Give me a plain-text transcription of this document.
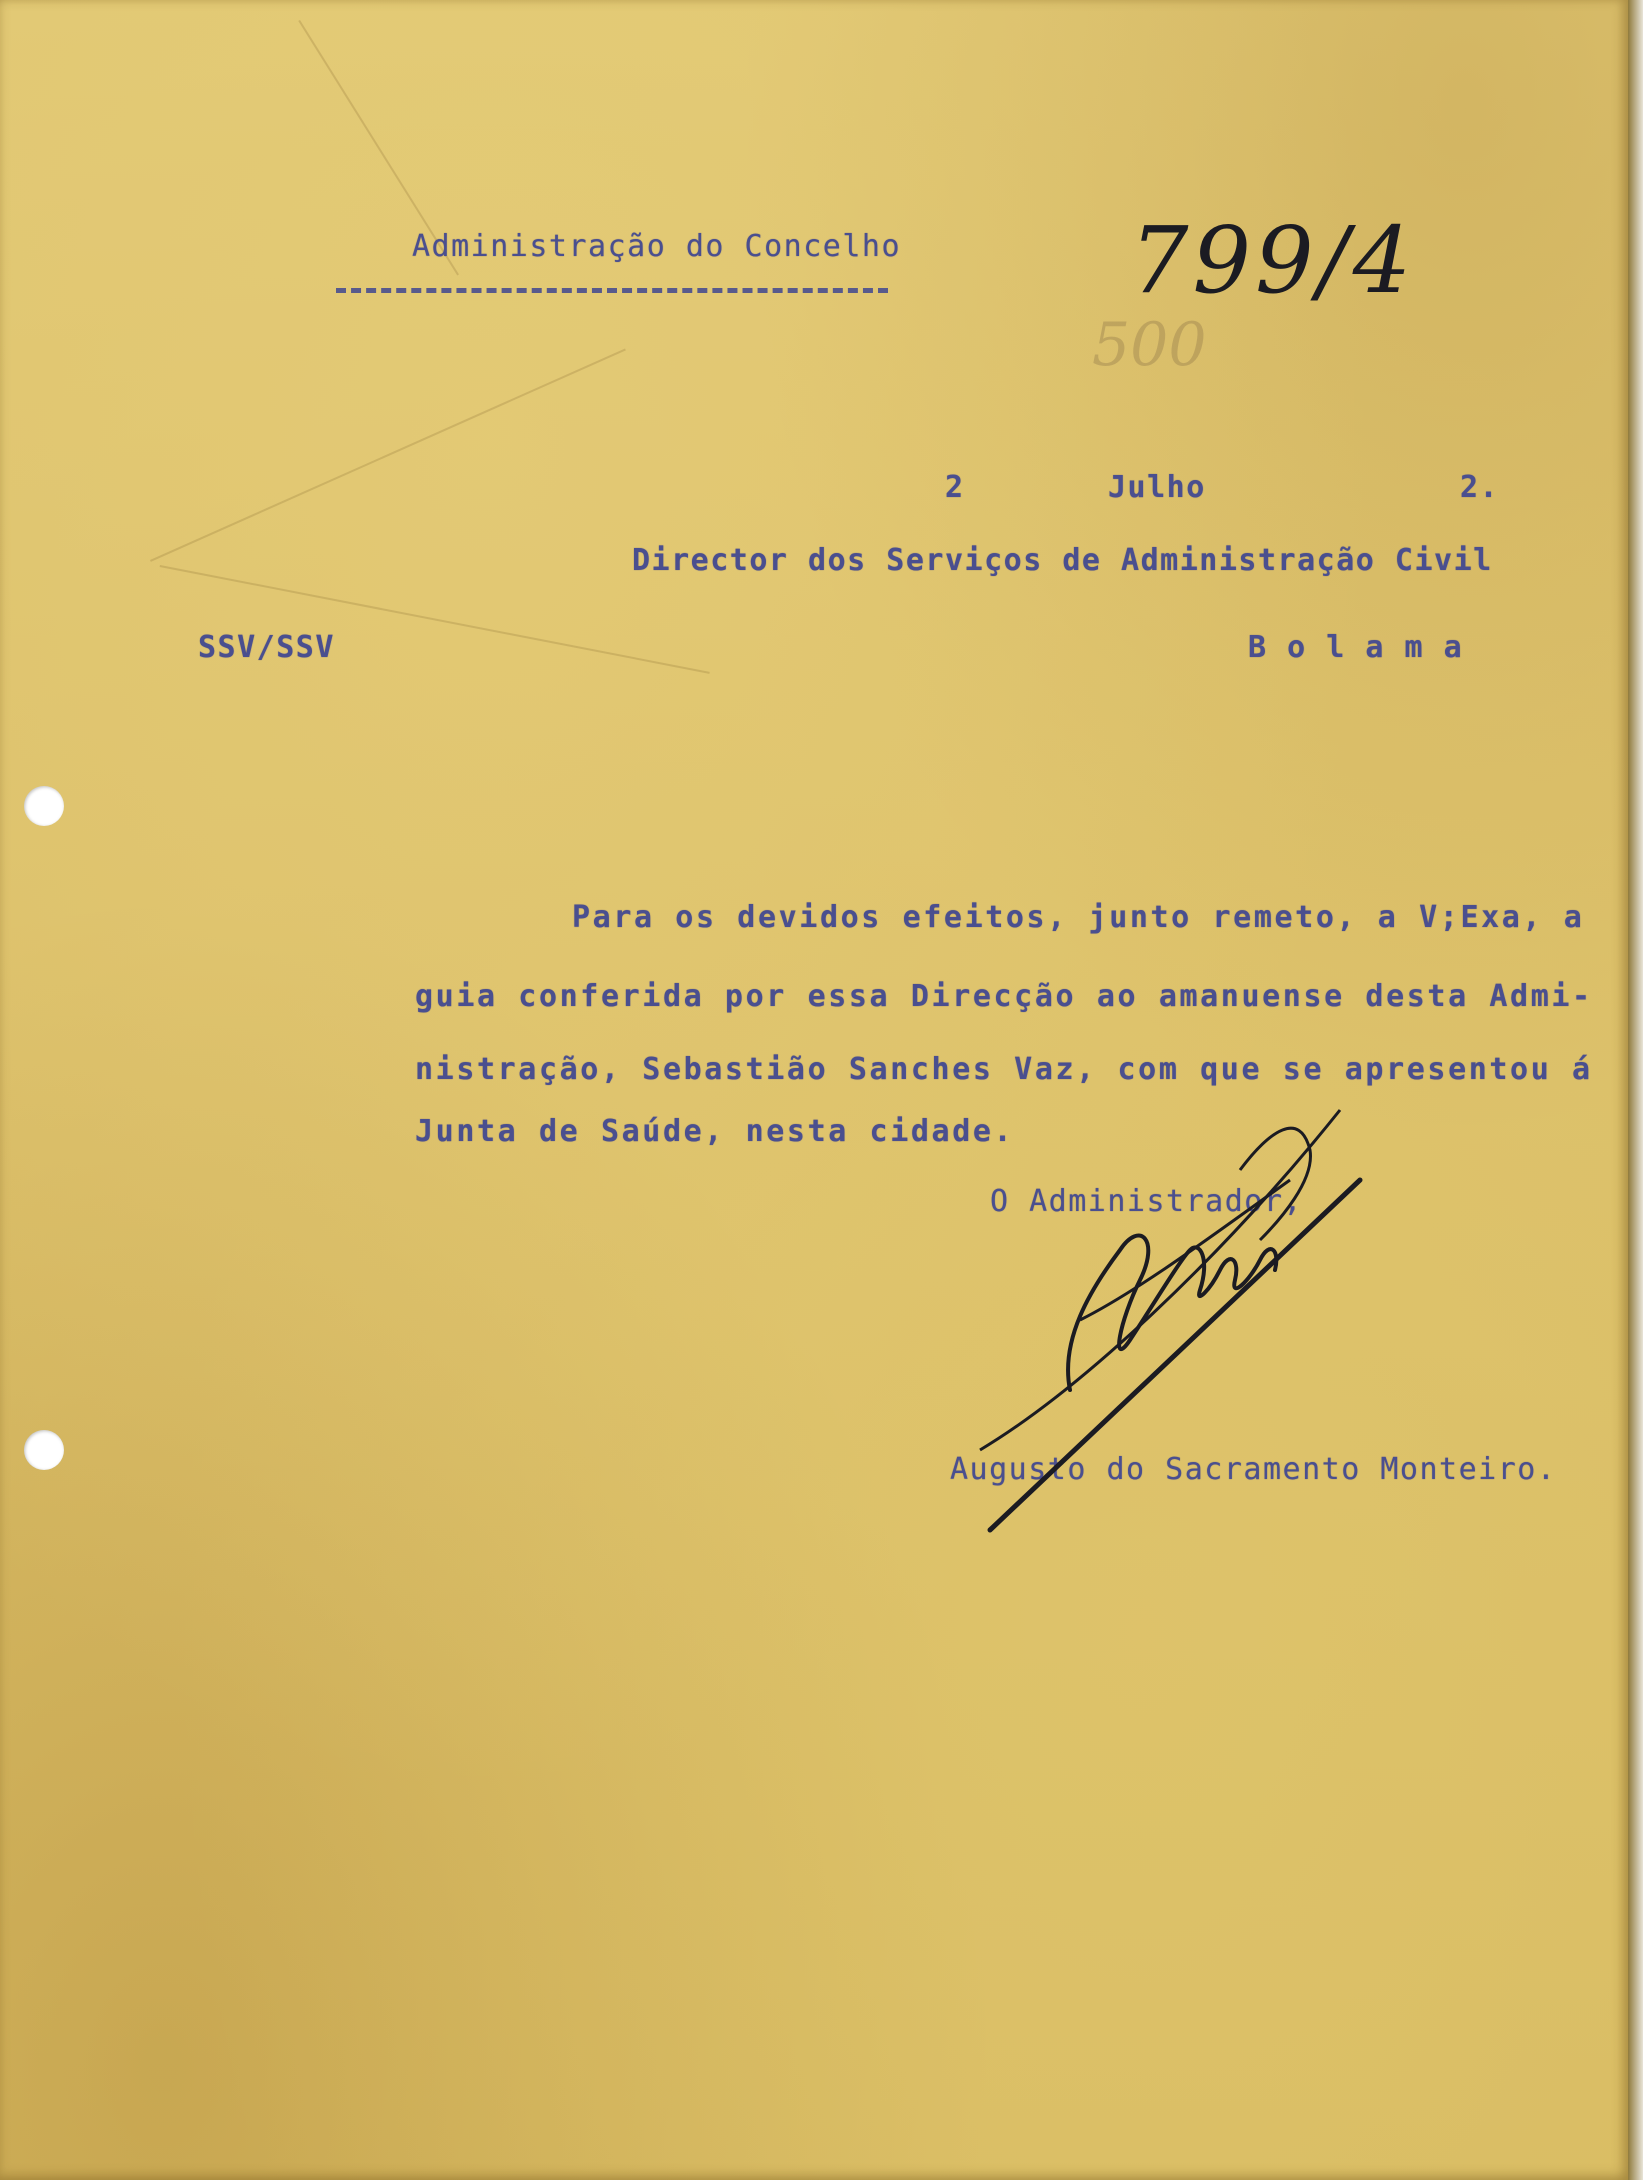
Administração do Concelho 799/4

500

2	Julho	2.

Director dos Serviços de Administração Civil

SSV/SSV	B o l a m a

Para os devidos efeitos, junto remeto, a V;Exa, a

guia conferida por essa Direcção ao amanuense desta Admi-

nistração, Sebastião Sanches Vaz, com que se apresentou á

Junta de Saúde, nesta cidade.

O Administrador,

Augusto do Sacramento Monteiro.
